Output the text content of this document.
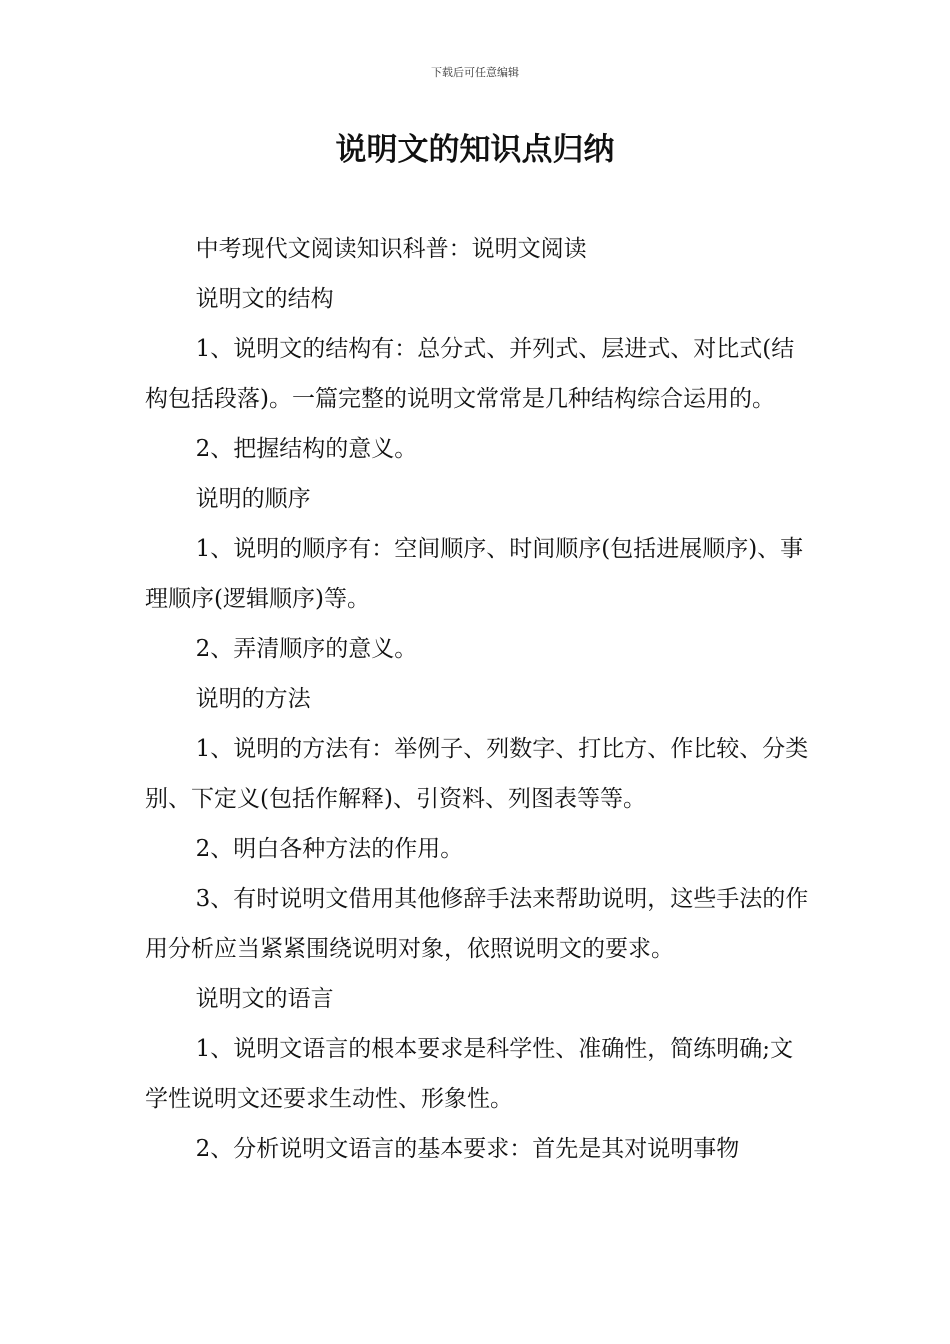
下载后可任意编辑
说明文的知识点归纳

中考现代文阅读知识科普：说明文阅读

说明文的结构

1、说明文的结构有：总分式、并列式、层进式、对比式(结构包括段落)。一篇完整的说明文常常是几种结构综合运用的。

2、把握结构的意义。

说明的顺序

1、说明的顺序有：空间顺序、时间顺序(包括进展顺序)、事理顺序(逻辑顺序)等。

2、弄清顺序的意义。

说明的方法

1、说明的方法有：举例子、列数字、打比方、作比较、分类别、下定义(包括作解释)、引资料、列图表等等。

2、明白各种方法的作用。

3、有时说明文借用其他修辞手法来帮助说明，这些手法的作用分析应当紧紧围绕说明对象，依照说明文的要求。

说明文的语言

1、说明文语言的根本要求是科学性、准确性，简练明确;文学性说明文还要求生动性、形象性。

2、分析说明文语言的基本要求：首先是其对说明事物
